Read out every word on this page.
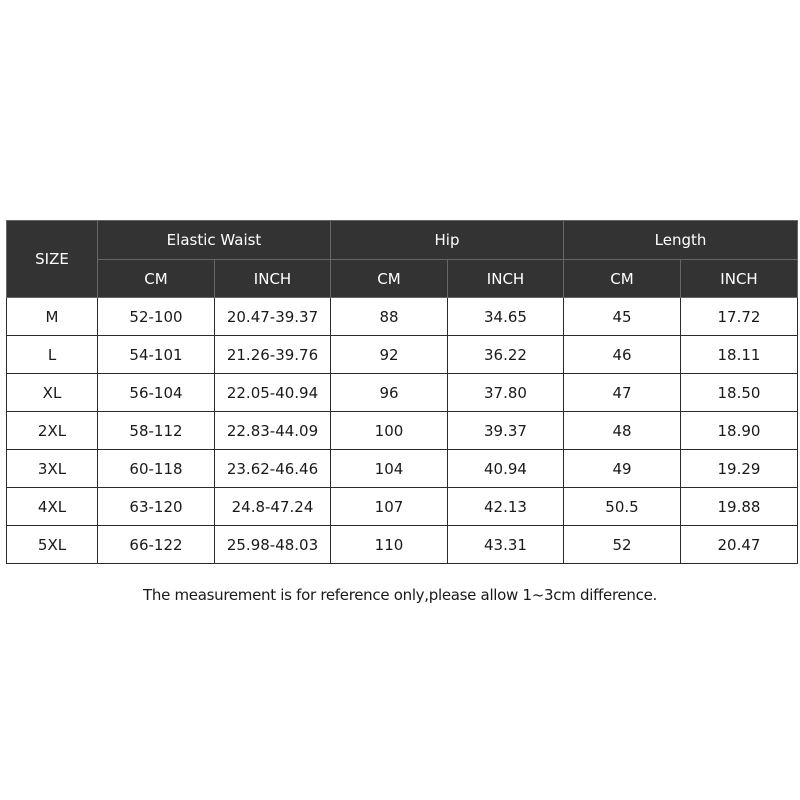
SIZE	Elastic Waist		Hip		Length	
	CM	INCH	CM	INCH	CM	INCH
M	52-100	20.47-39.37	88	34.65	45	17.72
L	54-101	21.26-39.76	92	36.22	46	18.11
XL	56-104	22.05-40.94	96	37.80	47	18.50
2XL	58-112	22.83-44.09	100	39.37	48	18.90
3XL	60-118	23.62-46.46	104	40.94	49	19.29
4XL	63-120	24.8-47.24	107	42.13	50.5	19.88
5XL	66-122	25.98-48.03	110	43.31	52	20.47
The measurement is for reference only,please allow 1~3cm difference.
